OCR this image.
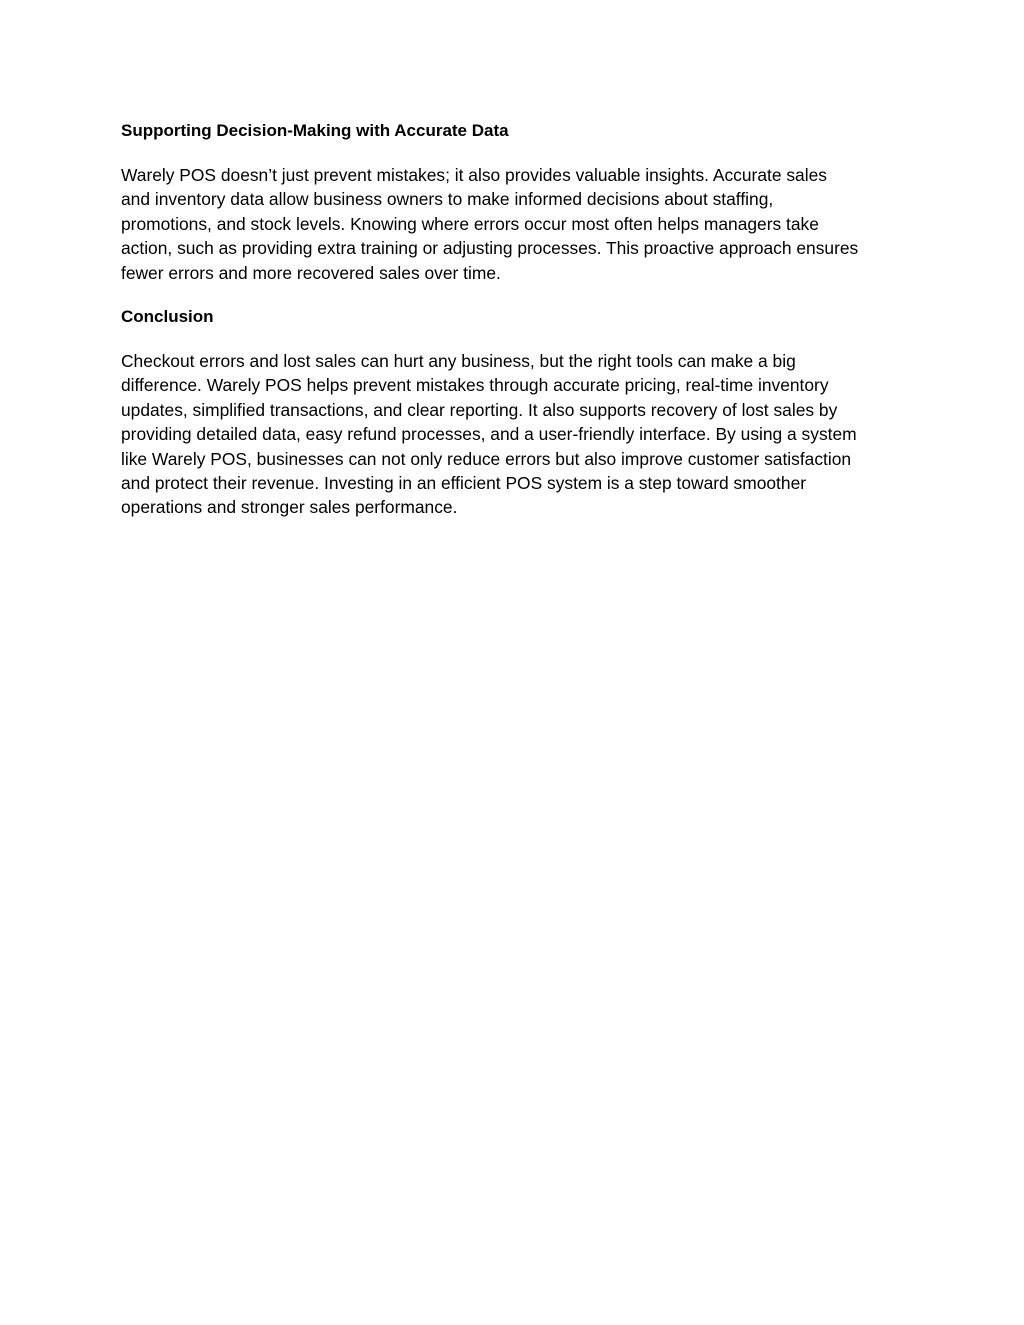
Supporting Decision-Making with Accurate Data

Warely POS doesn’t just prevent mistakes; it also provides valuable insights. Accurate sales
and inventory data allow business owners to make informed decisions about staffing,
promotions, and stock levels. Knowing where errors occur most often helps managers take
action, such as providing extra training or adjusting processes. This proactive approach ensures
fewer errors and more recovered sales over time.

Conclusion

Checkout errors and lost sales can hurt any business, but the right tools can make a big
difference. Warely POS helps prevent mistakes through accurate pricing, real-time inventory
updates, simplified transactions, and clear reporting. It also supports recovery of lost sales by
providing detailed data, easy refund processes, and a user-friendly interface. By using a system
like Warely POS, businesses can not only reduce errors but also improve customer satisfaction
and protect their revenue. Investing in an efficient POS system is a step toward smoother
operations and stronger sales performance.
